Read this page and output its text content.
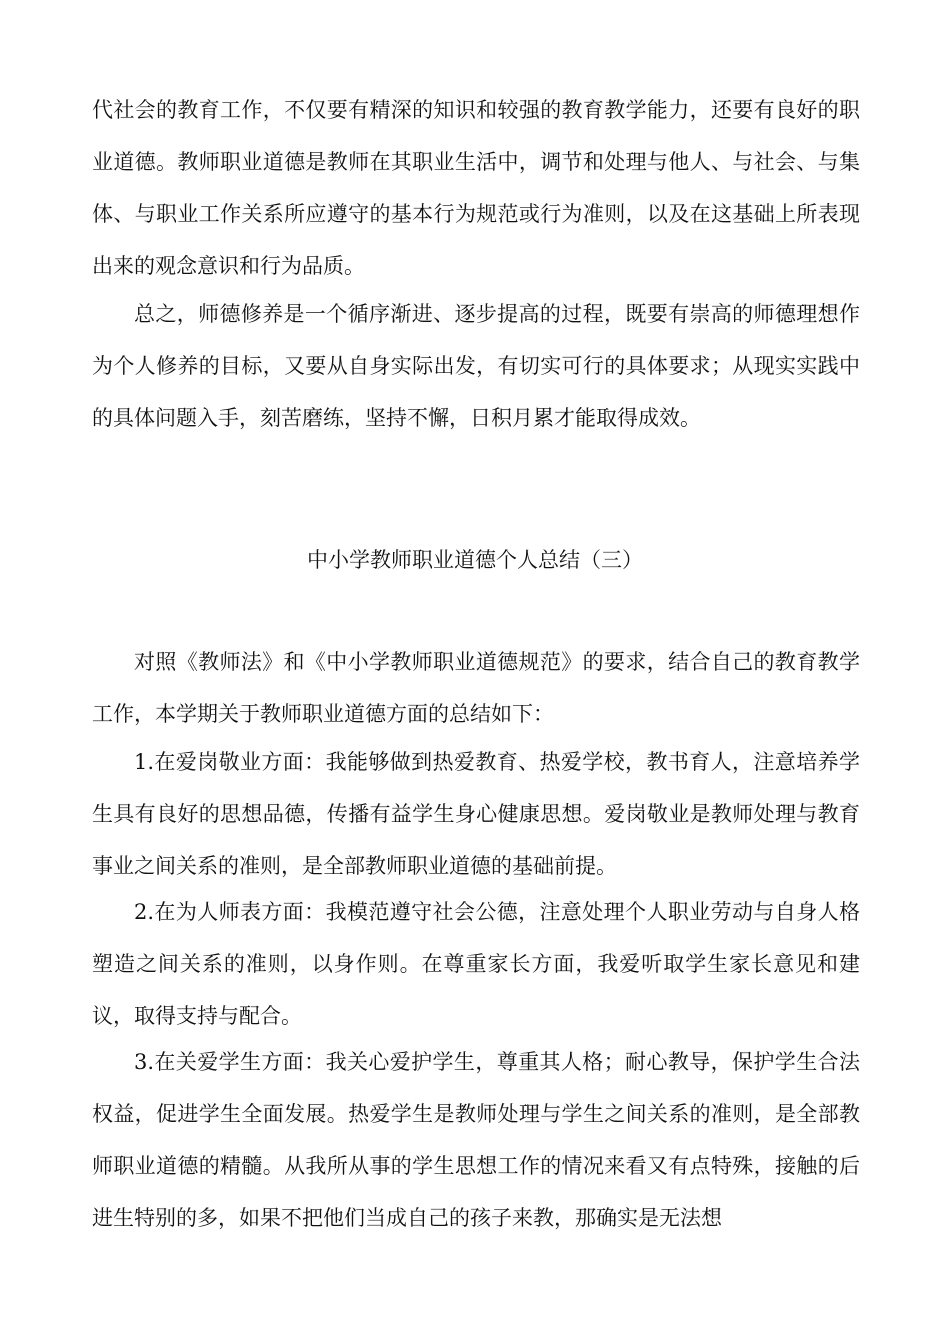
代社会的教育工作，不仅要有精深的知识和较强的教育教学能力，还要有良好的职业道德。教师职业道德是教师在其职业生活中，调节和处理与他人、与社会、与集体、与职业工作关系所应遵守的基本行为规范或行为准则，以及在这基础上所表现出来的观念意识和行为品质。

总之，师德修养是一个循序渐进、逐步提高的过程，既要有崇高的师德理想作为个人修养的目标，又要从自身实际出发，有切实可行的具体要求；从现实实践中的具体问题入手，刻苦磨练，坚持不懈，日积月累才能取得成效。

中小学教师职业道德个人总结（三）

对照《教师法》和《中小学教师职业道德规范》的要求，结合自己的教育教学工作，本学期关于教师职业道德方面的总结如下：

1.在爱岗敬业方面：我能够做到热爱教育、热爱学校，教书育人，注意培养学生具有良好的思想品德，传播有益学生身心健康思想。爱岗敬业是教师处理与教育事业之间关系的准则，是全部教师职业道德的基础前提。

2.在为人师表方面：我模范遵守社会公德，注意处理个人职业劳动与自身人格塑造之间关系的准则，以身作则。在尊重家长方面，我爱听取学生家长意见和建议，取得支持与配合。

3.在关爱学生方面：我关心爱护学生，尊重其人格；耐心教导，保护学生合法权益，促进学生全面发展。热爱学生是教师处理与学生之间关系的准则，是全部教师职业道德的精髓。从我所从事的学生思想工作的情况来看又有点特殊，接触的后进生特别的多，如果不把他们当成自己的孩子来教，那确实是无法想
